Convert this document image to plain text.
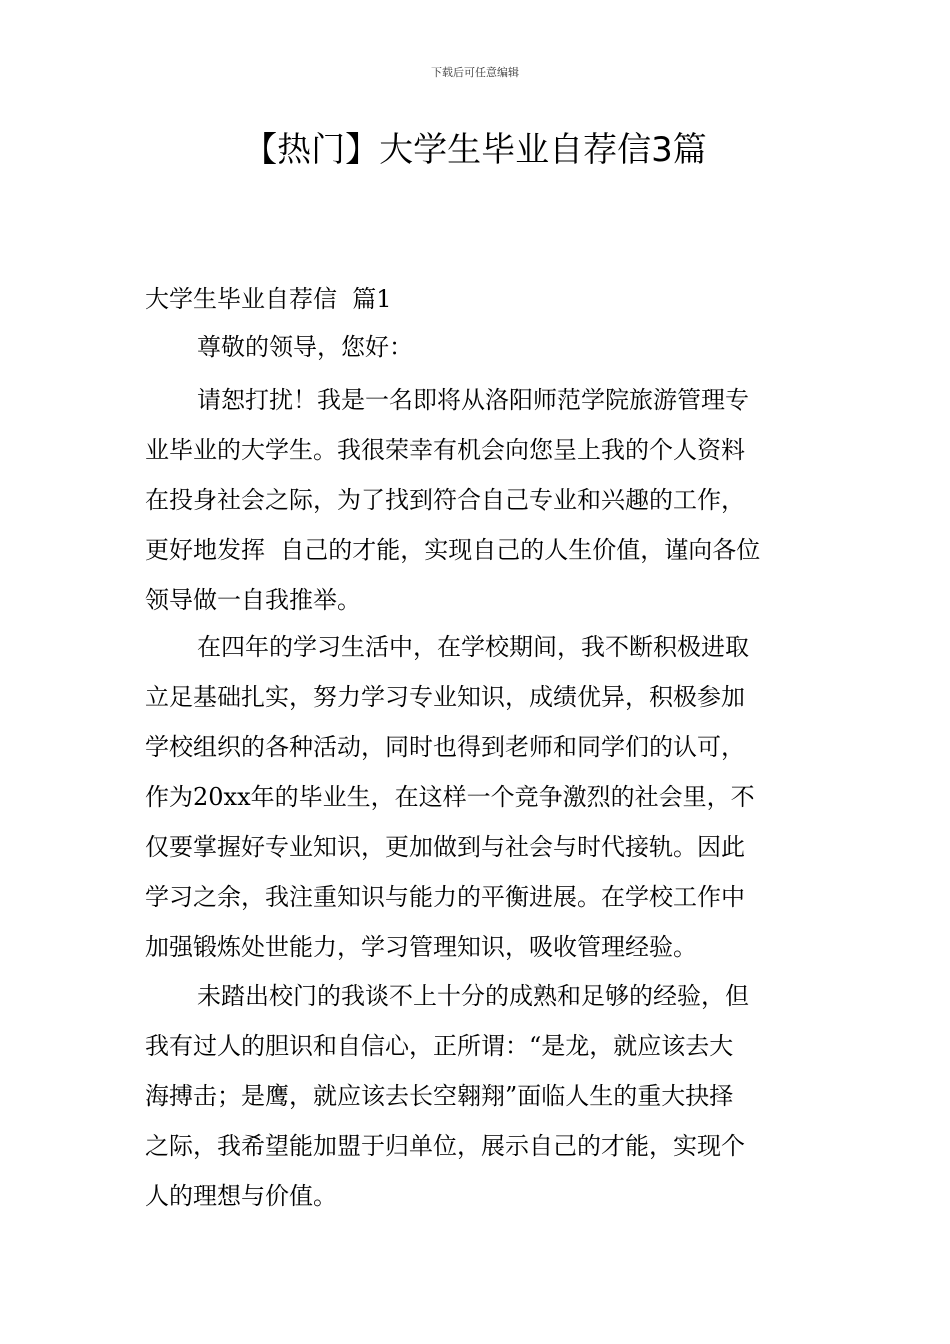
下载后可任意编辑
【热门】大学生毕业自荐信3篇
大学生毕业自荐信  篇1
尊敬的领导，您好：
请恕打扰！我是一名即将从洛阳师范学院旅游管理专
业毕业的大学生。我很荣幸有机会向您呈上我的个人资料
在投身社会之际，为了找到符合自己专业和兴趣的工作，
更好地发挥  自己的才能，实现自己的人生价值，谨向各位
领导做一自我推举。
在四年的学习生活中，在学校期间，我不断积极进取
立足基础扎实，努力学习专业知识，成绩优异，积极参加
学校组织的各种活动，同时也得到老师和同学们的认可，
作为20xx年的毕业生，在这样一个竞争激烈的社会里，不
仅要掌握好专业知识，更加做到与社会与时代接轨。因此
学习之余，我注重知识与能力的平衡进展。在学校工作中
加强锻炼处世能力，学习管理知识，吸收管理经验。
未踏出校门的我谈不上十分的成熟和足够的经验，但
我有过人的胆识和自信心，正所谓：“是龙，就应该去大
海搏击；是鹰，就应该去长空翱翔”面临人生的重大抉择
之际，我希望能加盟于归单位，展示自己的才能，实现个
人的理想与价值。
